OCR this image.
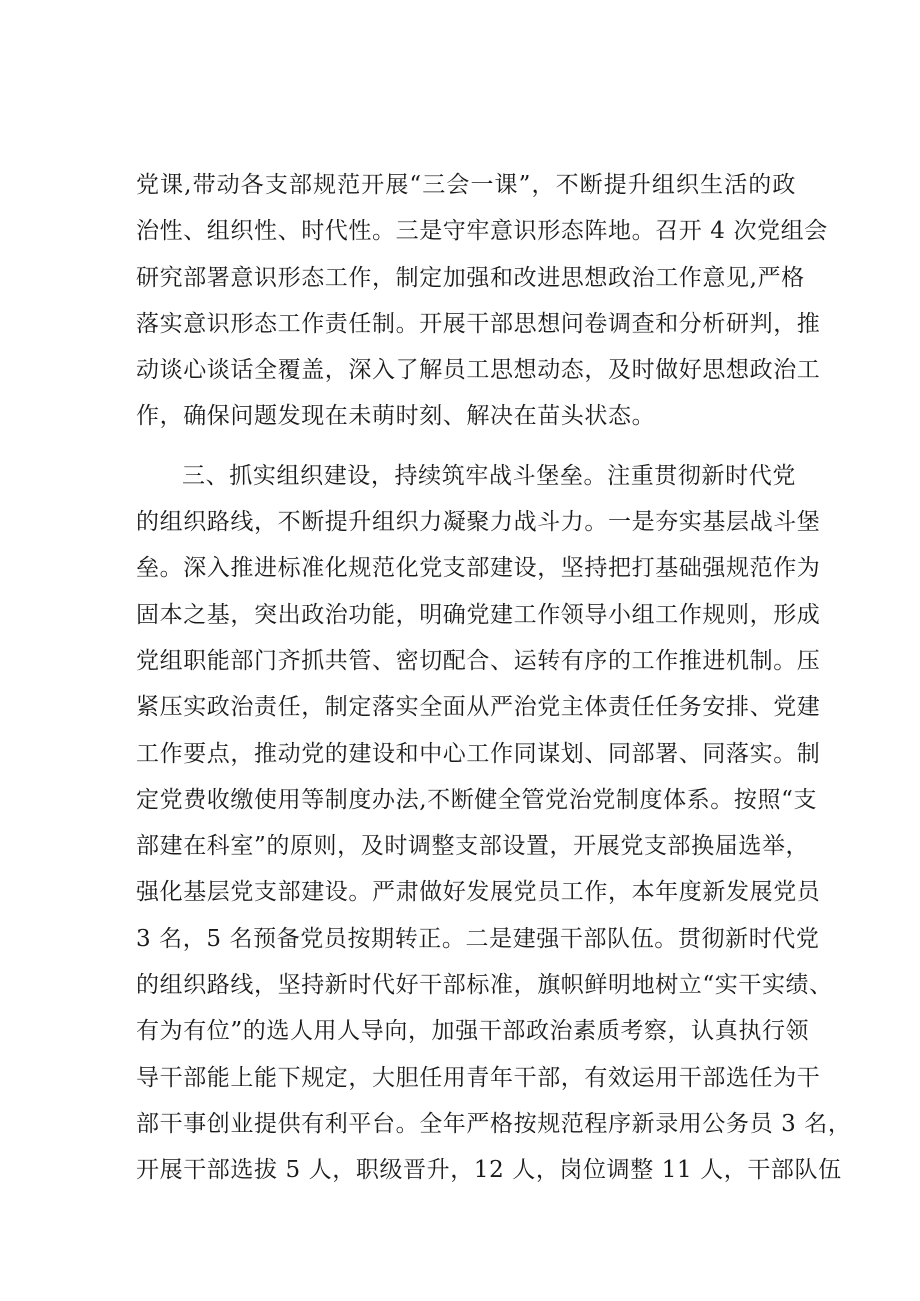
党课,带动各支部规范开展“三会一课”，不断提升组织生活的政
治性、组织性、时代性。三是守牢意识形态阵地。召开 4 次党组会
研究部署意识形态工作，制定加强和改进思想政治工作意见,严格
落实意识形态工作责任制。开展干部思想问卷调查和分析研判，推
动谈心谈话全覆盖，深入了解员工思想动态，及时做好思想政治工
作，确保问题发现在未萌时刻、解决在苗头状态。
三、抓实组织建设，持续筑牢战斗堡垒。注重贯彻新时代党
的组织路线，不断提升组织力凝聚力战斗力。一是夯实基层战斗堡
垒。深入推进标准化规范化党支部建设，坚持把打基础强规范作为
固本之基，突出政治功能，明确党建工作领导小组工作规则，形成
党组职能部门齐抓共管、密切配合、运转有序的工作推进机制。压
紧压实政治责任，制定落实全面从严治党主体责任任务安排、党建
工作要点，推动党的建设和中心工作同谋划、同部署、同落实。制
定党费收缴使用等制度办法,不断健全管党治党制度体系。按照“支
部建在科室”的原则，及时调整支部设置，开展党支部换届选举，
强化基层党支部建设。严肃做好发展党员工作，本年度新发展党员
3 名，5 名预备党员按期转正。二是建强干部队伍。贯彻新时代党
的组织路线，坚持新时代好干部标准，旗帜鲜明地树立“实干实绩、
有为有位”的选人用人导向，加强干部政治素质考察，认真执行领
导干部能上能下规定，大胆任用青年干部，有效运用干部选任为干
部干事创业提供有利平台。全年严格按规范程序新录用公务员 3 名，
开展干部选拔 5 人，职级晋升，12 人，岗位调整 11 人，干部队伍
